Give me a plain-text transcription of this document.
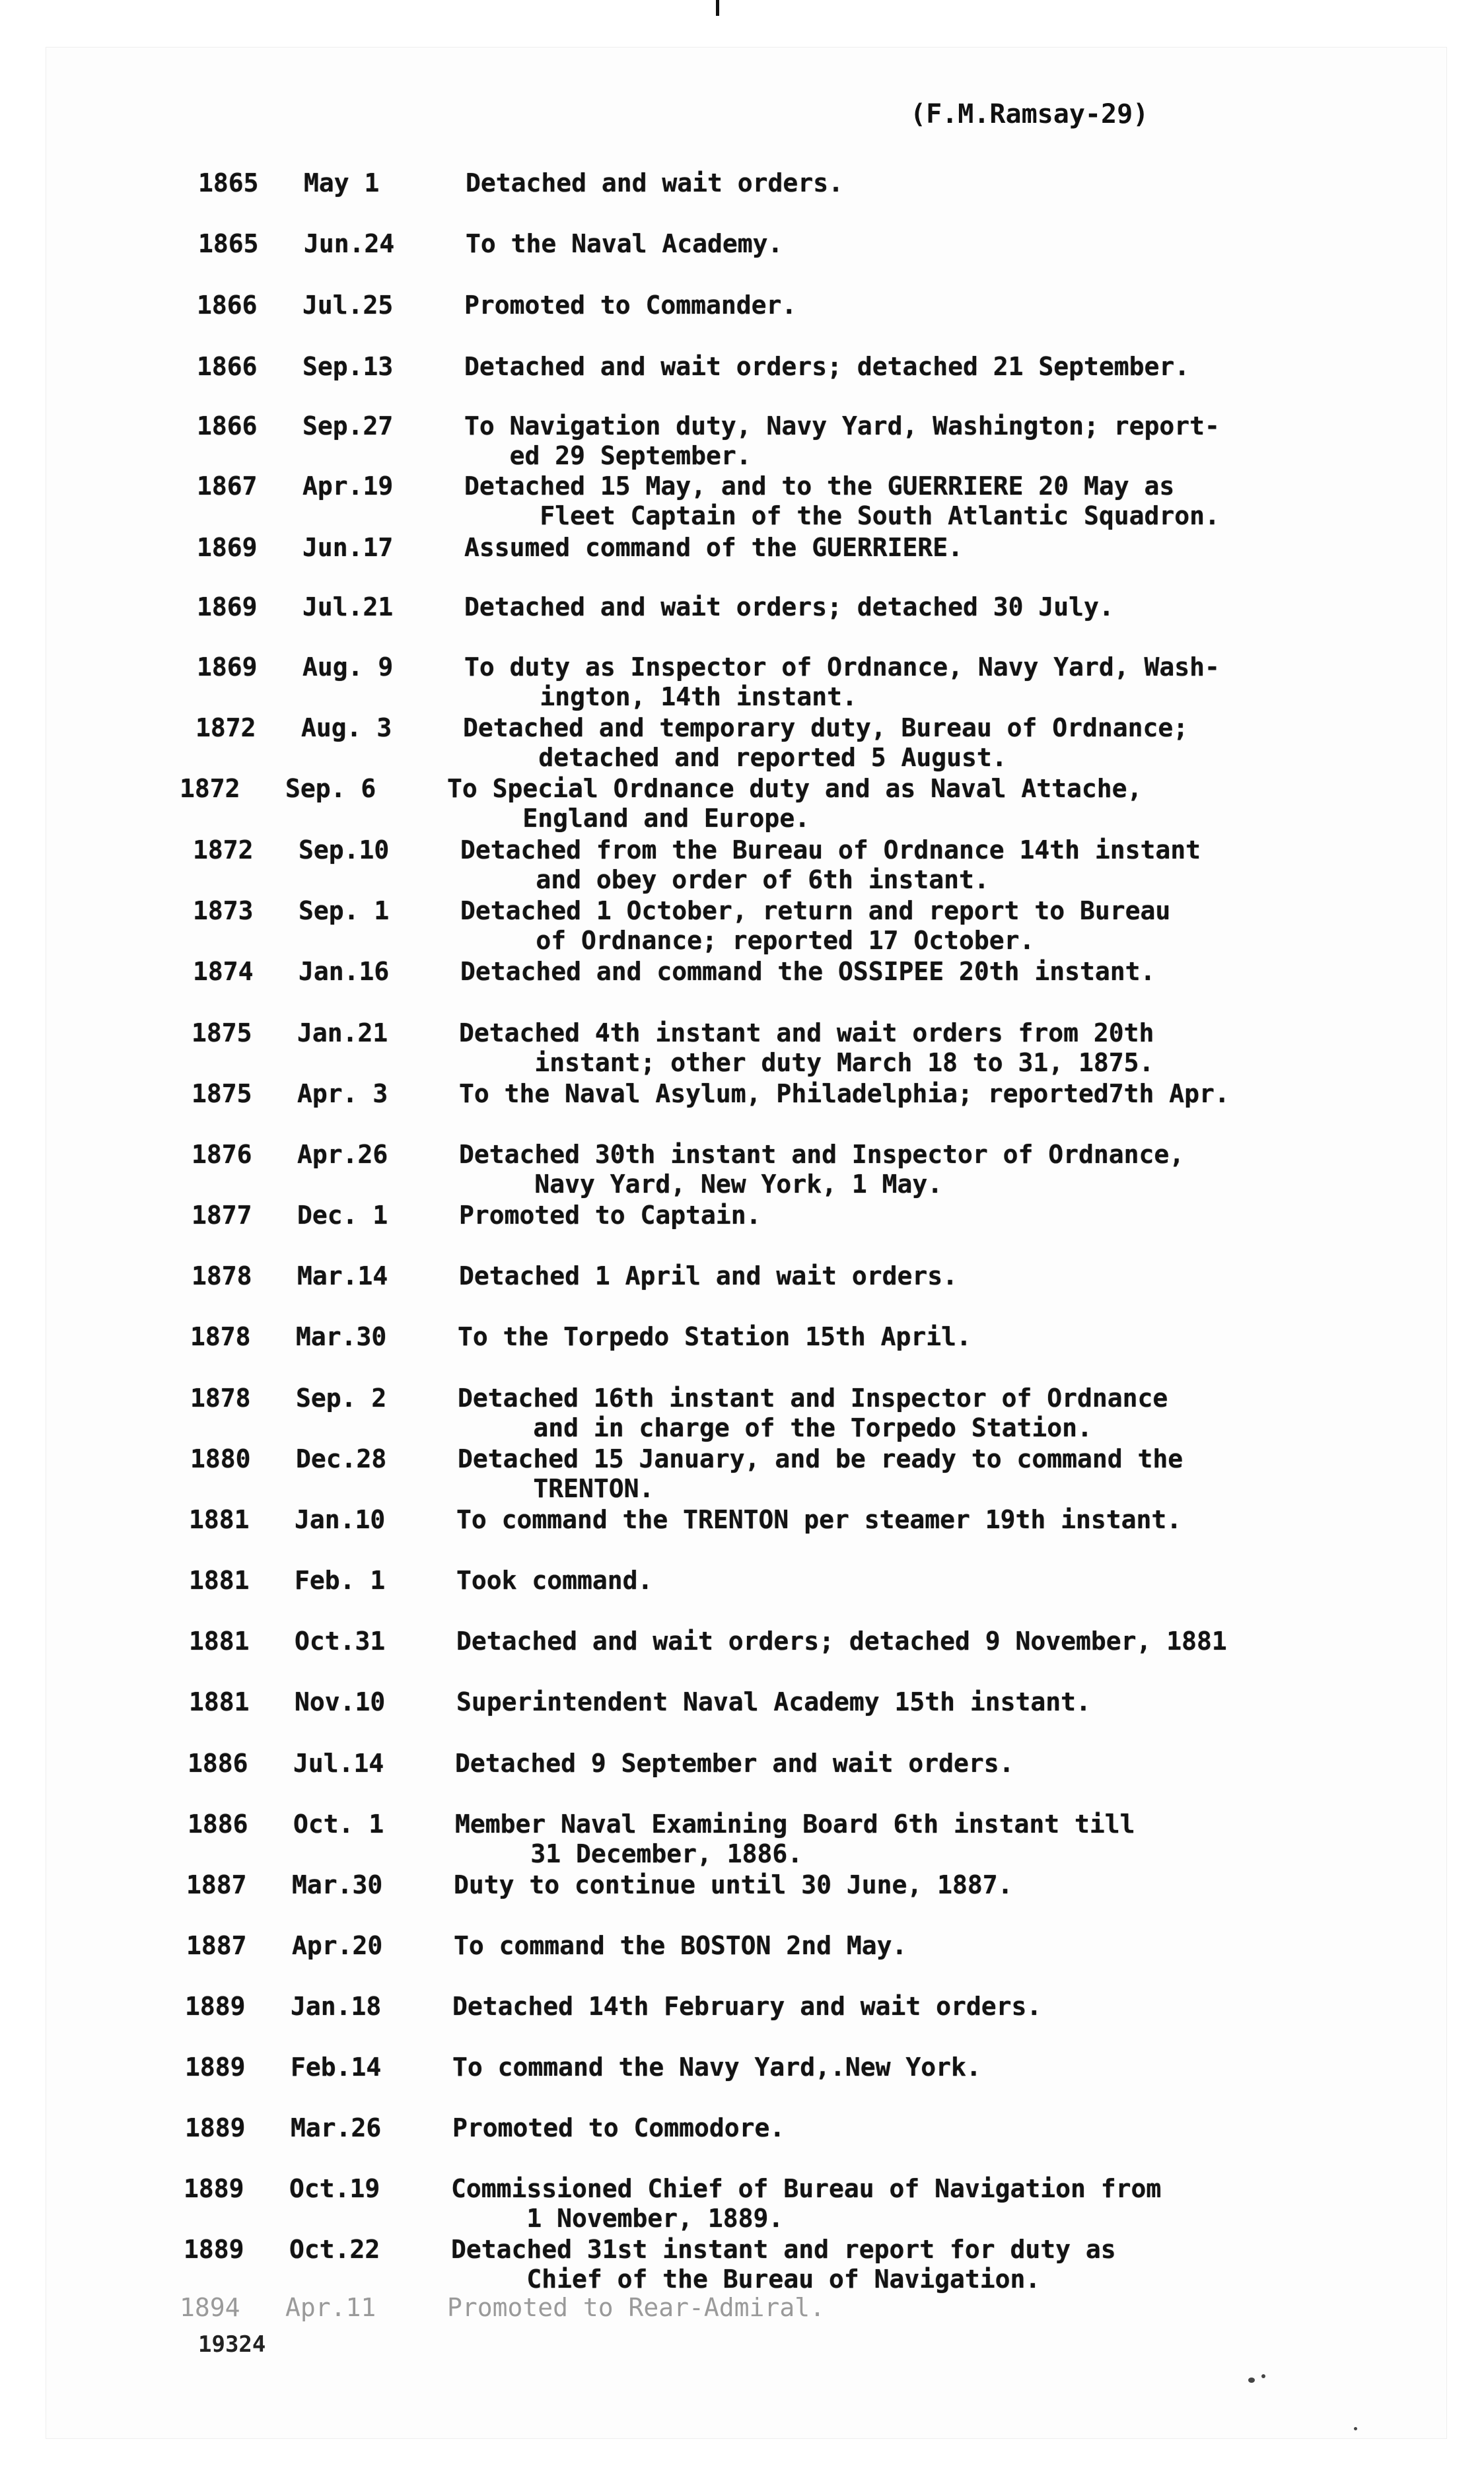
(F.M.Ramsay-29)
1865	May 1	Detached and wait orders.
1865	Jun.24	To the Naval Academy.
1866	Jul.25	Promoted to Commander.
1866	Sep.13	Detached and wait orders; detached 21 September.
1866	Sep.27	To Navigation duty, Navy Yard, Washington; report-
ed 29 September.
1867	Apr.19	Detached 15 May, and to the GUERRIERE 20 May as
Fleet Captain of the South Atlantic Squadron.
1869	Jun.17	Assumed command of the GUERRIERE.
1869	Jul.21	Detached and wait orders; detached 30 July.
1869	Aug. 9	To duty as Inspector of Ordnance, Navy Yard, Wash-
ington, 14th instant.
1872	Aug. 3	Detached and temporary duty, Bureau of Ordnance;
detached and reported 5 August.
1872	Sep. 6	To Special Ordnance duty and as Naval Attache,
England and Europe.
1872	Sep.10	Detached from the Bureau of Ordnance 14th instant
and obey order of 6th instant.
1873	Sep. 1	Detached 1 October, return and report to Bureau
of Ordnance; reported 17 October.
1874	Jan.16	Detached and command the OSSIPEE 20th instant.
1875	Jan.21	Detached 4th instant and wait orders from 20th
instant; other duty March 18 to 31, 1875.
1875	Apr. 3	To the Naval Asylum, Philadelphia; reported7th Apr.
1876	Apr.26	Detached 30th instant and Inspector of Ordnance,
Navy Yard, New York, 1 May.
1877	Dec. 1	Promoted to Captain.
1878	Mar.14	Detached 1 April and wait orders.
1878	Mar.30	To the Torpedo Station 15th April.
1878	Sep. 2	Detached 16th instant and Inspector of Ordnance
and in charge of the Torpedo Station.
1880	Dec.28	Detached 15 January, and be ready to command the
TRENTON.
1881	Jan.10	To command the TRENTON per steamer 19th instant.
1881	Feb. 1	Took command.
1881	Oct.31	Detached and wait orders; detached 9 November, 1881
1881	Nov.10	Superintendent Naval Academy 15th instant.
1886	Jul.14	Detached 9 September and wait orders.
1886	Oct. 1	Member Naval Examining Board 6th instant till
31 December, 1886.
1887	Mar.30	Duty to continue until 30 June, 1887.
1887	Apr.20	To command the BOSTON 2nd May.
1889	Jan.18	Detached 14th February and wait orders.
1889	Feb.14	To command the Navy Yard,.New York.
1889	Mar.26	Promoted to Commodore.
1889	Oct.19	Commissioned Chief of Bureau of Navigation from
1 November, 1889.
1889	Oct.22	Detached 31st instant and report for duty as
Chief of the Bureau of Navigation.
1894	Apr.11	Promoted to Rear-Admiral.
19324
